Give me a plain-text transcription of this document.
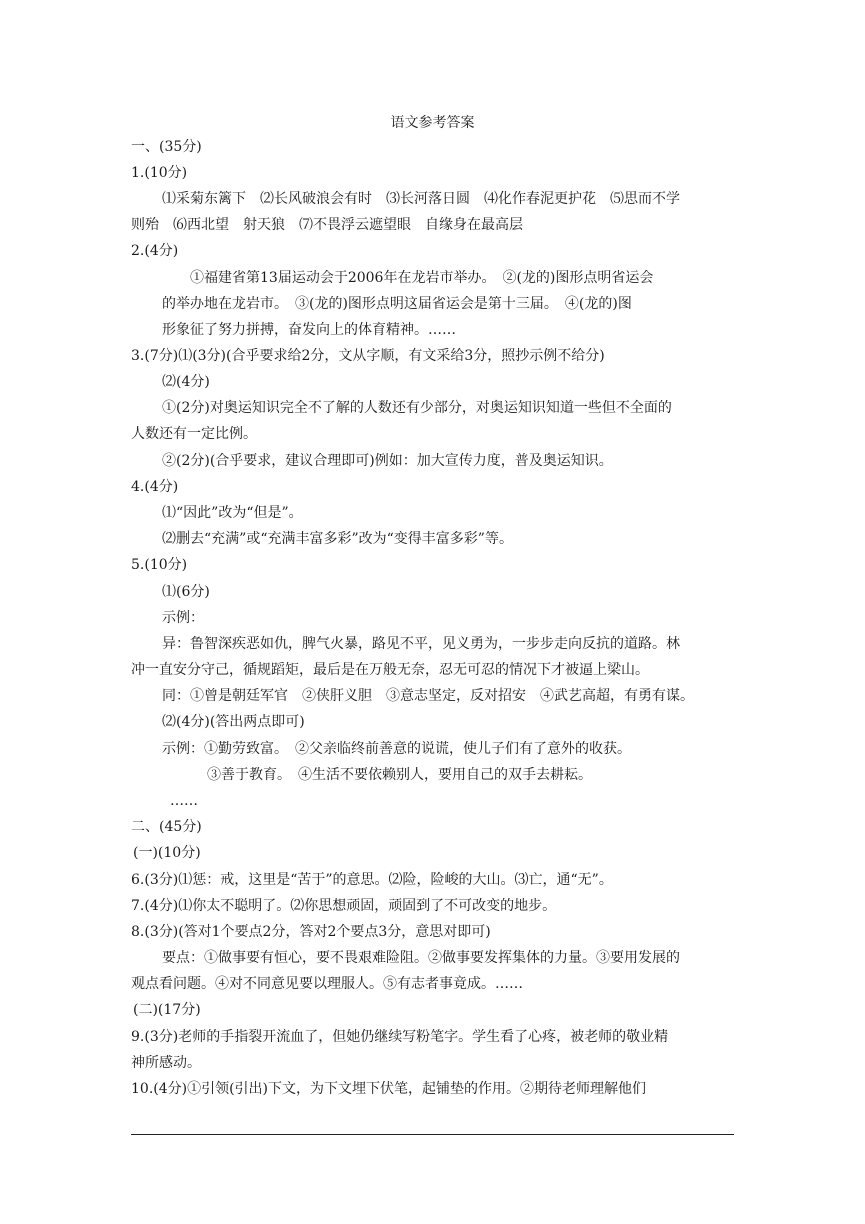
语文参考答案
一、(35分)
1.(10分)
⑴采菊东篱下　⑵长风破浪会有时　⑶长河落日圆　⑷化作春泥更护花　⑸思而不学
则殆　⑹西北望　射天狼　⑺不畏浮云遮望眼　自缘身在最高层
2.(4分)
①福建省第13届运动会于2006年在龙岩市举办。　②(龙的)图形点明省运会
的举办地在龙岩市。　③(龙的)图形点明这届省运会是第十三届。　④(龙的)图
形象征了努力拼搏，奋发向上的体育精神。……
3.(7分)⑴(3分)(合乎要求给2分，文从字顺，有文采给3分，照抄示例不给分)
⑵(4分)
①(2分)对奥运知识完全不了解的人数还有少部分，对奥运知识知道一些但不全面的
人数还有一定比例。
②(2分)(合乎要求，建议合理即可)例如：加大宣传力度，普及奥运知识。
4.(4分)
⑴“因此”改为“但是”。
⑵删去“充满”或“充满丰富多彩”改为“变得丰富多彩”等。
5.(10分)
⑴(6分)
示例：
异：鲁智深疾恶如仇，脾气火暴，路见不平，见义勇为，一步步走向反抗的道路。林
冲一直安分守己，循规蹈矩，最后是在万般无奈，忍无可忍的情况下才被逼上梁山。
同：①曾是朝廷军官　②侠肝义胆　③意志坚定，反对招安　④武艺高超，有勇有谋。
⑵(4分)(答出两点即可)
示例：①勤劳致富。　②父亲临终前善意的说谎，使儿子们有了意外的收获。
③善于教育。　④生活不要依赖别人，要用自己的双手去耕耘。
……
二、(45分)
(一)(10分)
6.(3分)⑴惩：戒，这里是“苦于”的意思。⑵险，险峻的大山。⑶亡，通“无”。
7.(4分)⑴你太不聪明了。⑵你思想顽固，顽固到了不可改变的地步。
8.(3分)(答对1个要点2分，答对2个要点3分，意思对即可)
要点：①做事要有恒心，要不畏艰难险阻。②做事要发挥集体的力量。③要用发展的
观点看问题。④对不同意见要以理服人。⑤有志者事竟成。……
(二)(17分)
9.(3分)老师的手指裂开流血了，但她仍继续写粉笔字。学生看了心疼，被老师的敬业精
神所感动。
10.(4分)①引领(引出)下文，为下文埋下伏笔，起铺垫的作用。②期待老师理解他们
